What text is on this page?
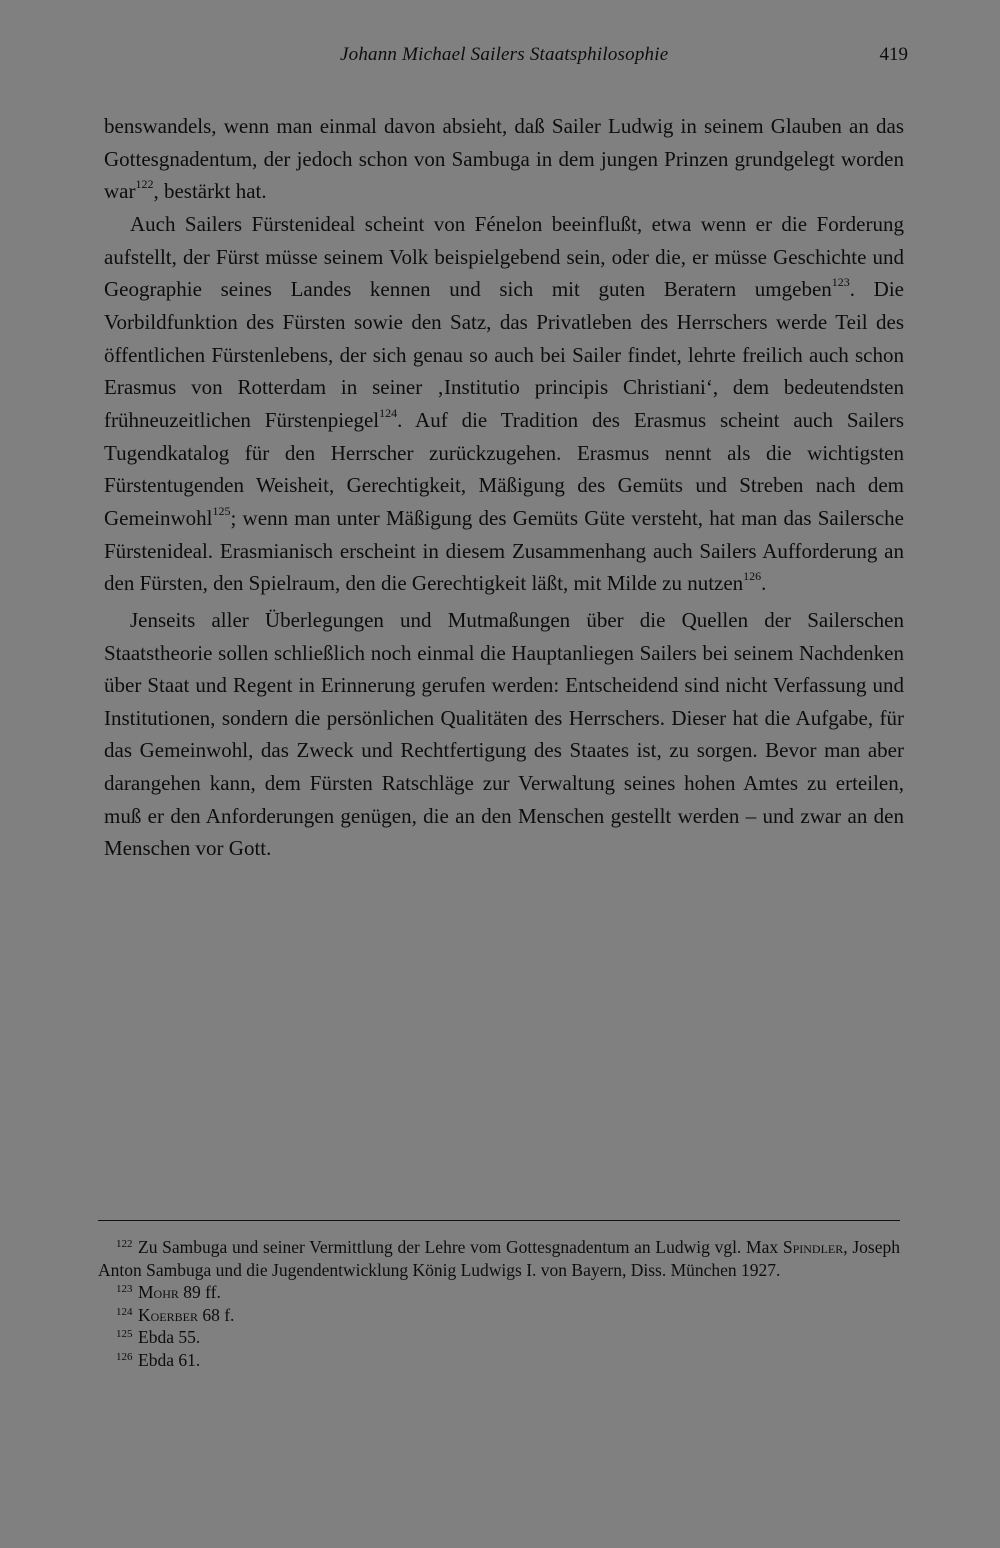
Johann Michael Sailers Staatsphilosophie	419

benswandels, wenn man einmal davon absieht, daß Sailer Ludwig in seinem Glauben an das Gottesgnadentum, der jedoch schon von Sambuga in dem jungen Prinzen grundgelegt worden war$^{122}$, bestärkt hat.

Auch Sailers Fürstenideal scheint von Fénelon beeinflußt, etwa wenn er die Forderung aufstellt, der Fürst müsse seinem Volk beispielgebend sein, oder die, er müsse Geschichte und Geographie seines Landes kennen und sich mit guten Beratern umgeben$^{123}$. Die Vorbildfunktion des Fürsten sowie den Satz, das Privatleben des Herrschers werde Teil des öffentlichen Fürstenlebens, der sich genau so auch bei Sailer findet, lehrte freilich auch schon Erasmus von Rotterdam in seiner ‚Institutio principis Christiani‘, dem bedeutendsten frühneuzeitlichen Fürstenpiegel$^{124}$. Auf die Tradition des Erasmus scheint auch Sailers Tugendkatalog für den Herrscher zurückzugehen. Erasmus nennt als die wichtigsten Fürstentugenden Weisheit, Gerechtigkeit, Mäßigung des Gemüts und Streben nach dem Gemeinwohl$^{125}$; wenn man unter Mäßigung des Gemüts Güte versteht, hat man das Sailersche Fürstenideal. Erasmianisch erscheint in diesem Zusammenhang auch Sailers Aufforderung an den Fürsten, den Spielraum, den die Gerechtigkeit läßt, mit Milde zu nutzen$^{126}$.

Jenseits aller Überlegungen und Mutmaßungen über die Quellen der Sailerschen Staatstheorie sollen schließlich noch einmal die Hauptanliegen Sailers bei seinem Nachdenken über Staat und Regent in Erinnerung gerufen werden: Entscheidend sind nicht Verfassung und Institutionen, sondern die persönlichen Qualitäten des Herrschers. Dieser hat die Aufgabe, für das Gemeinwohl, das Zweck und Rechtfertigung des Staates ist, zu sorgen. Bevor man aber darangehen kann, dem Fürsten Ratschläge zur Verwaltung seines hohen Amtes zu erteilen, muß er den Anforderungen genügen, die an den Menschen gestellt werden – und zwar an den Menschen vor Gott.

122 Zu Sambuga und seiner Vermittlung der Lehre vom Gottesgnadentum an Ludwig vgl. Max Spindler, Joseph Anton Sambuga und die Jugendentwicklung König Ludwigs I. von Bayern, Diss. München 1927.

123 Mohr 89 ff.

124 Koerber 68 f.

125 Ebda 55.

126 Ebda 61.
